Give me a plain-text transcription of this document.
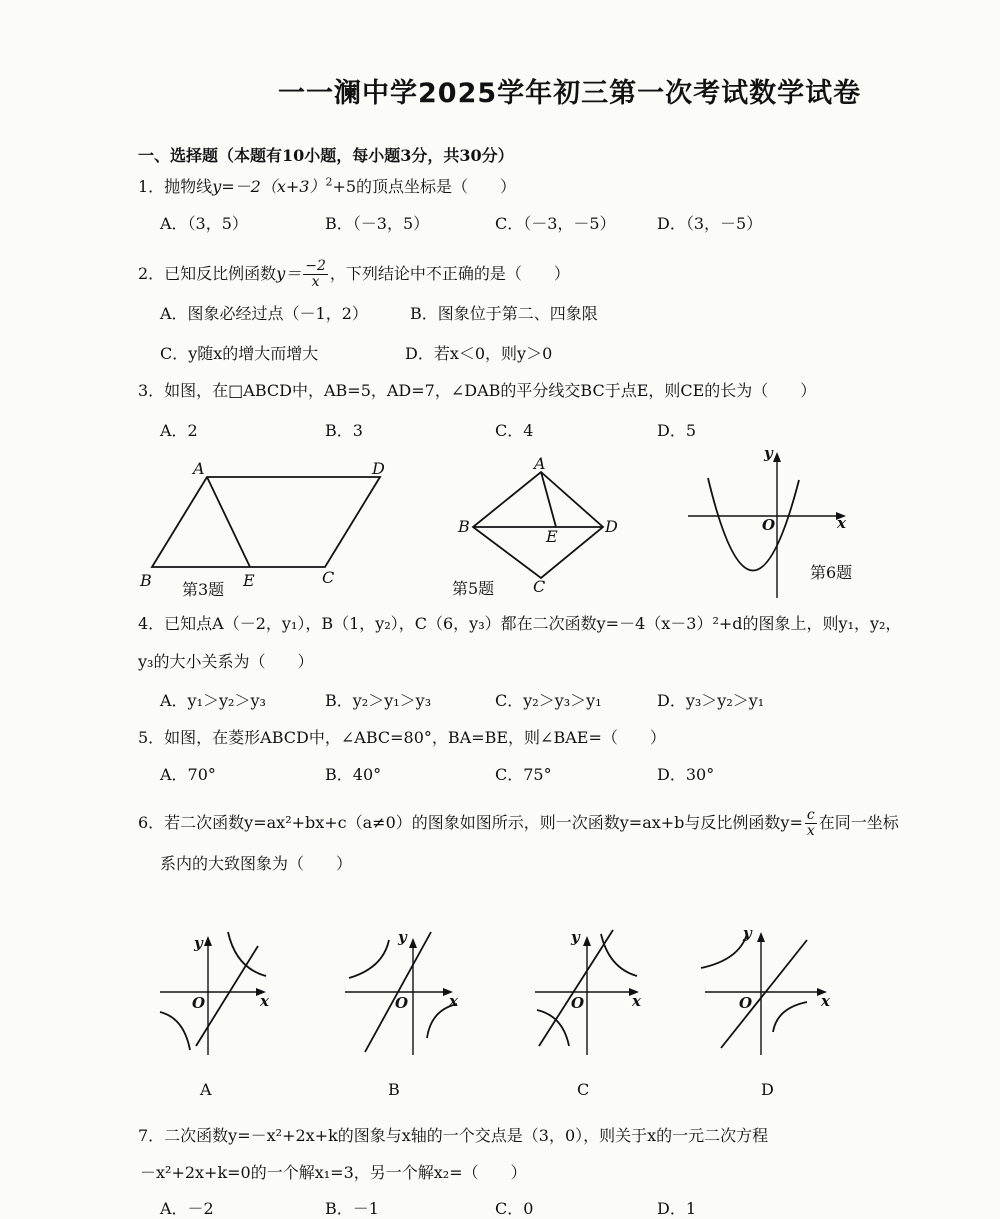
一一澜中学2025学年初三第一次考试数学试卷
一、选择题（本题有10小题，每小题3分，共30分）
1．抛物线$y=-2(x+3)^2+5$的顶点坐标是（　　）
A．（3，5）	B．（－3，5）	C．（－3，－5）	D．（3，－5）
2．已知反比例函数$y= \frac{-2}{x}$ ，下列结论中不正确的是（　　）
A．图象必经过点（－1，2）	B．图象位于第二、四象限
C．y随x的增大而增大	D．若x＜0，则y＞0
3．如图，在□ABCD中，AB=5，AD=7，∠DAB的平分线交BC于点E，则CE的长为（　　）
A．2	B．3	C．4	D．5
A	D
B	E	C
第3题
A
B	D
E
C
第5题
y
x
O
第6题
4．已知点A（－2，y₁），B（1，y₂），C（6，y₃）都在二次函数y=－4（x－3）²+d的图象上，则y₁，y₂，
y₃的大小关系为（　　）
A．y₁＞y₂＞y₃	B．y₂＞y₁＞y₃	C．y₂＞y₃＞y₁	D．y₃＞y₂＞y₁
5．如图，在菱形ABCD中，∠ABC=80°，BA=BE，则∠BAE=（　　）
A．70°	B．40°	C．75°	D．30°
6．若二次函数y=ax²+bx+c（a≠0）的图象如图所示，则一次函数y=ax+b与反比例函数$y= \frac{c}{x}$ 在同一坐标
系内的大致图象为（　　）
y
x
O
A
y
x
O
B
y
x
O
C
y
x
O
D
7．二次函数y=－x²+2x+k的图象与x轴的一个交点是（3，0），则关于x的一元二次方程
－x²+2x+k=0的一个解x₁=3，另一个解x₂=（　　）
A．－2	B．－1	C．0	D．1
